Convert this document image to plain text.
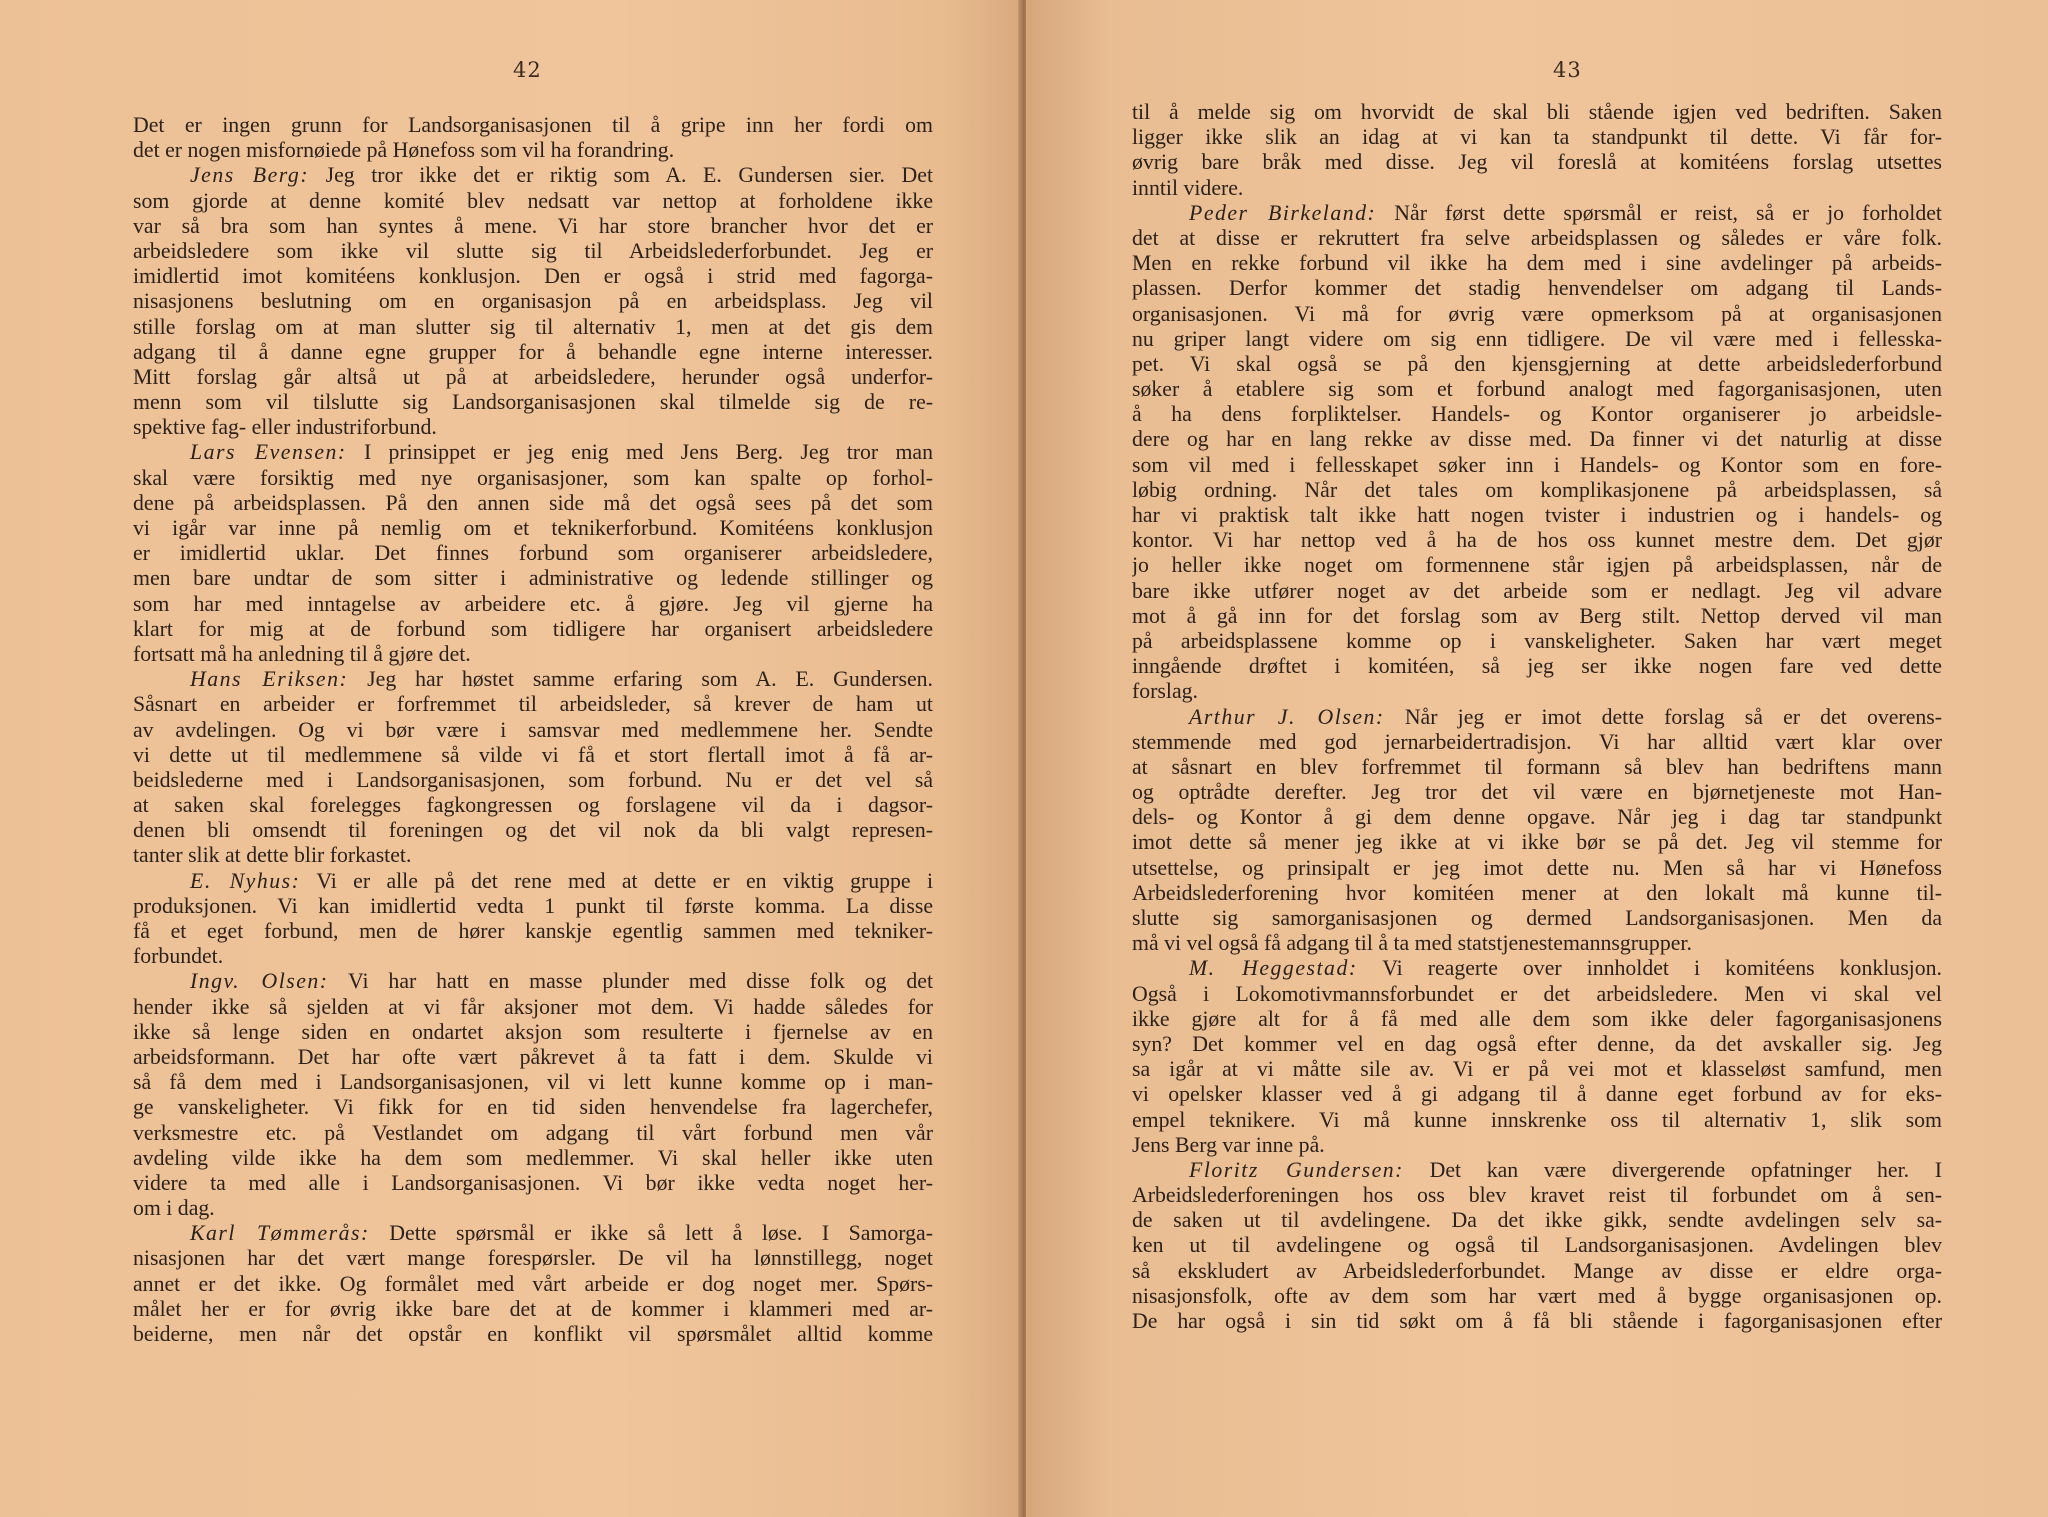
42
Det er ingen grunn for Landsorganisasjonen til å gripe inn her fordi om
det er nogen misfornøiede på Hønefoss som vil ha forandring.
Jens Berg: Jeg tror ikke det er riktig som A. E. Gundersen sier. Det
som gjorde at denne komité blev nedsatt var nettop at forholdene ikke
var så bra som han syntes å mene. Vi har store brancher hvor det er
arbeidsledere som ikke vil slutte sig til Arbeidslederforbundet. Jeg er
imidlertid imot komitéens konklusjon. Den er også i strid med fagorga-
nisasjonens beslutning om en organisasjon på en arbeidsplass. Jeg vil
stille forslag om at man slutter sig til alternativ 1, men at det gis dem
adgang til å danne egne grupper for å behandle egne interne interesser.
Mitt forslag går altså ut på at arbeidsledere, herunder også underfor-
menn som vil tilslutte sig Landsorganisasjonen skal tilmelde sig de re-
spektive fag- eller industriforbund.
Lars Evensen: I prinsippet er jeg enig med Jens Berg. Jeg tror man
skal være forsiktig med nye organisasjoner, som kan spalte op forhol-
dene på arbeidsplassen. På den annen side må det også sees på det som
vi igår var inne på nemlig om et teknikerforbund. Komitéens konklusjon
er imidlertid uklar. Det finnes forbund som organiserer arbeidsledere,
men bare undtar de som sitter i administrative og ledende stillinger og
som har med inntagelse av arbeidere etc. å gjøre. Jeg vil gjerne ha
klart for mig at de forbund som tidligere har organisert arbeidsledere
fortsatt må ha anledning til å gjøre det.
Hans Eriksen: Jeg har høstet samme erfaring som A. E. Gundersen.
Såsnart en arbeider er forfremmet til arbeidsleder, så krever de ham ut
av avdelingen. Og vi bør være i samsvar med medlemmene her. Sendte
vi dette ut til medlemmene så vilde vi få et stort flertall imot å få ar-
beidslederne med i Landsorganisasjonen, som forbund. Nu er det vel så
at saken skal forelegges fagkongressen og forslagene vil da i dagsor-
denen bli omsendt til foreningen og det vil nok da bli valgt represen-
tanter slik at dette blir forkastet.
E. Nyhus: Vi er alle på det rene med at dette er en viktig gruppe i
produksjonen. Vi kan imidlertid vedta 1 punkt til første komma. La disse
få et eget forbund, men de hører kanskje egentlig sammen med tekniker-
forbundet.
Ingv. Olsen: Vi har hatt en masse plunder med disse folk og det
hender ikke så sjelden at vi får aksjoner mot dem. Vi hadde således for
ikke så lenge siden en ondartet aksjon som resulterte i fjernelse av en
arbeidsformann. Det har ofte vært påkrevet å ta fatt i dem. Skulde vi
så få dem med i Landsorganisasjonen, vil vi lett kunne komme op i man-
ge vanskeligheter. Vi fikk for en tid siden henvendelse fra lagerchefer,
verksmestre etc. på Vestlandet om adgang til vårt forbund men vår
avdeling vilde ikke ha dem som medlemmer. Vi skal heller ikke uten
videre ta med alle i Landsorganisasjonen. Vi bør ikke vedta noget her-
om i dag.
Karl Tømmerås: Dette spørsmål er ikke så lett å løse. I Samorga-
nisasjonen har det vært mange forespørsler. De vil ha lønnstillegg, noget
annet er det ikke. Og formålet med vårt arbeide er dog noget mer. Spørs-
målet her er for øvrig ikke bare det at de kommer i klammeri med ar-
beiderne, men når det opstår en konflikt vil spørsmålet alltid komme
43
til å melde sig om hvorvidt de skal bli stående igjen ved bedriften. Saken
ligger ikke slik an idag at vi kan ta standpunkt til dette. Vi får for-
øvrig bare bråk med disse. Jeg vil foreslå at komitéens forslag utsettes
inntil videre.
Peder Birkeland: Når først dette spørsmål er reist, så er jo forholdet
det at disse er rekruttert fra selve arbeidsplassen og således er våre folk.
Men en rekke forbund vil ikke ha dem med i sine avdelinger på arbeids-
plassen. Derfor kommer det stadig henvendelser om adgang til Lands-
organisasjonen. Vi må for øvrig være opmerksom på at organisasjonen
nu griper langt videre om sig enn tidligere. De vil være med i fellesska-
pet. Vi skal også se på den kjensgjerning at dette arbeidslederforbund
søker å etablere sig som et forbund analogt med fagorganisasjonen, uten
å ha dens forpliktelser. Handels- og Kontor organiserer jo arbeidsle-
dere og har en lang rekke av disse med. Da finner vi det naturlig at disse
som vil med i fellesskapet søker inn i Handels- og Kontor som en fore-
løbig ordning. Når det tales om komplikasjonene på arbeidsplassen, så
har vi praktisk talt ikke hatt nogen tvister i industrien og i handels- og
kontor. Vi har nettop ved å ha de hos oss kunnet mestre dem. Det gjør
jo heller ikke noget om formennene står igjen på arbeidsplassen, når de
bare ikke utfører noget av det arbeide som er nedlagt. Jeg vil advare
mot å gå inn for det forslag som av Berg stilt. Nettop derved vil man
på arbeidsplassene komme op i vanskeligheter. Saken har vært meget
inngående drøftet i komitéen, så jeg ser ikke nogen fare ved dette
forslag.
Arthur J. Olsen: Når jeg er imot dette forslag så er det overens-
stemmende med god jernarbeidertradisjon. Vi har alltid vært klar over
at såsnart en blev forfremmet til formann så blev han bedriftens mann
og optrådte derefter. Jeg tror det vil være en bjørnetjeneste mot Han-
dels- og Kontor å gi dem denne opgave. Når jeg i dag tar standpunkt
imot dette så mener jeg ikke at vi ikke bør se på det. Jeg vil stemme for
utsettelse, og prinsipalt er jeg imot dette nu. Men så har vi Hønefoss
Arbeidslederforening hvor komitéen mener at den lokalt må kunne til-
slutte sig samorganisasjonen og dermed Landsorganisasjonen. Men da
må vi vel også få adgang til å ta med statstjenestemannsgrupper.
M. Heggestad: Vi reagerte over innholdet i komitéens konklusjon.
Også i Lokomotivmannsforbundet er det arbeidsledere. Men vi skal vel
ikke gjøre alt for å få med alle dem som ikke deler fagorganisasjonens
syn? Det kommer vel en dag også efter denne, da det avskaller sig. Jeg
sa igår at vi måtte sile av. Vi er på vei mot et klasseløst samfund, men
vi opelsker klasser ved å gi adgang til å danne eget forbund av for eks-
empel teknikere. Vi må kunne innskrenke oss til alternativ 1, slik som
Jens Berg var inne på.
Floritz Gundersen: Det kan være divergerende opfatninger her. I
Arbeidslederforeningen hos oss blev kravet reist til forbundet om å sen-
de saken ut til avdelingene. Da det ikke gikk, sendte avdelingen selv sa-
ken ut til avdelingene og også til Landsorganisasjonen. Avdelingen blev
så ekskludert av Arbeidslederforbundet. Mange av disse er eldre orga-
nisasjonsfolk, ofte av dem som har vært med å bygge organisasjonen op.
De har også i sin tid søkt om å få bli stående i fagorganisasjonen efter
